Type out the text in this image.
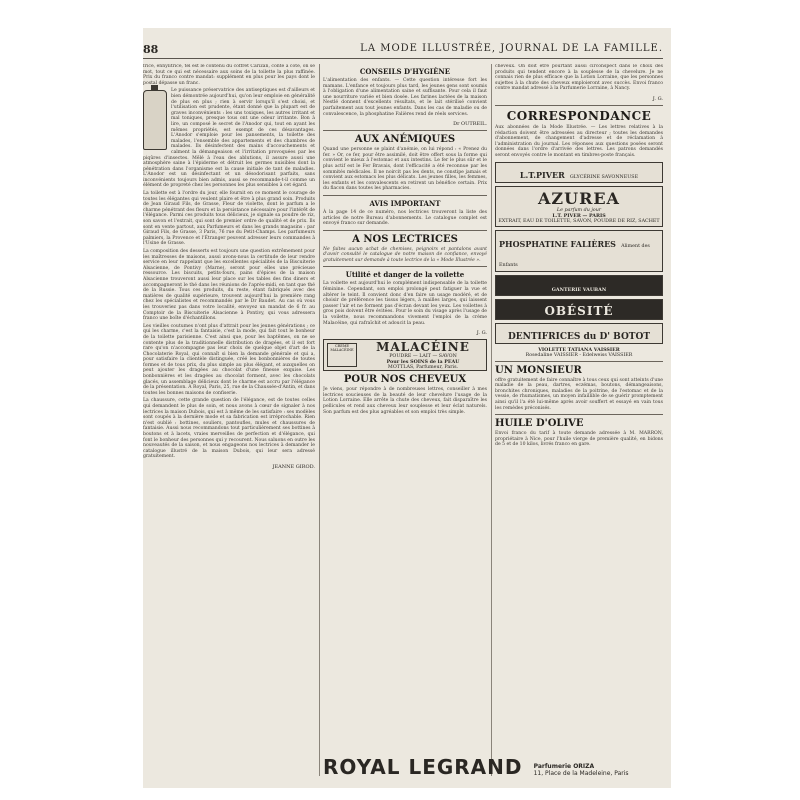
88	LA MODE ILLUSTRÉE, JOURNAL DE LA FAMILLE.

frice, ennylitrice, tel est le contenu du coffret Carizan, conte à côté, on se mot, tout ce qui est nécessaire aux soins de la toilette la plus raffinée. Prix du franco contre mandat: supplément en plus pour les pays dont le postal dépasse un franc.

Le puissance préservatrice des antiseptiques est d'ailleurs et bien démontrée aujourd'hui, qu'on leur emploie en généralité de plus en plus ; rien à servir lorsqu'il s'est choisi, et l'utilisation est prudente, étant donné que la plupart est de graves inconvénients : les uns toxiques, les autres irritant et mal toniques, presque tous ont une odeur irritante. Bon à lire, un composé le secret de l'Anodor qui, tout en ayant les mêmes propriétés, est exempt de ces désavantages. L'Anodor s'emploie pour les pansements, la toilette des malades, l'ensemble des appartements et des chambres de malades. Ils désinfectent des mains d'accouchements et calment la démangeaison et l'irritation provoquées par les piqûres d'insectes. Mêlé à l'eau des ablutions, il assure aussi une atmosphère saine à l'épiderme et détruit les germes nuisibles dont la pénétration dans l'organisme est la cause initiale de tant de maladies. L'Anodor est un désinfectant et un désodorisant parfaits, sans inconvénients toujours bien admis, aussi se recommande-t-il comme un élément de propreté chez les personnes les plus sensibles à cet égard.

La toilette est à l'ordre du jour, elle fournit en ce moment le courage de toutes les élégantes qui veulent plaire et être à plus grand soin. Produits de Jean Giraud Fils, de Grasse, Fleur de violette, dont le parfum a le charme pénétrant des fleurs et la persistance nécessaire pour l'intérêt de l'élégance. Parmi ces produits tous délicieux, je signale sa poudre de riz, son savon et l'extrait, qui sont de premier ordre de qualité et de prix. Ils sont en vente partout, aux Parfumeurs et dans les grands magasins : par Giraud Fils, de Grasse, 3 Paris, 76 rue du Petit-Champs. Les parfumeurs palmiers, la Provence et l'Étranger peuvent adresser leurs commandes à l'Usine de Grasse.

La composition des desserts est toujours une question extrêmement pour les maîtresses de maisons, aussi avons-nous la certitude de leur rendre service en leur rappelant que les excellentes spécialités de la Biscuiterie Alsacienne, de Pontivy (Marne), seront pour elles une précieuse ressource. Les biscuits, petits-fours, pains d'épices de la maison Alsacienne trouveront aussi leur place sur les tables des fins diners et accompagneront le thé dans les réunions de l'après-midi, en tant que thé de la Russie. Tous ces produits, du reste, étant fabriqués avec des matières de qualité supérieure, trouvent aujourd'hui la première rang chez les spécialistes et recommandés par le Dr Baudet. Au cas où vous les trouveriez pas dans votre localité, envoyez un mandat de 6 fr. au Comptoir de la Biscuiterie Alsacienne à Pontivy, qui vous adressera franco une boîte d'échantillons.

Les vieilles coutumes n'ont plus d'attrait pour les jeunes générations ; ce qui les charme, c'est la fantaisie, c'est la mode, qui fait tout le bonheur de la toilette parisienne. C'est ainsi que, pour les baptêmes, on ne se contente plus de la traditionnelle distribution de dragées, et il est fort rare qu'on n'accompagne pas leur choix de quelque objet d'art de la Chocolaterie Royal, qui connaît si bien la demande générale et qui a, pour satisfaire la clientèle distinguée, créé les bonbonnières de toutes formes et de tous prix, du plus simple au plus élégant, et auxquelles on peut ajouter les dragées au chocolat d'une finesse exquise. Les bonbonnières et les dragées au chocolat forment, avec les chocolats glacés, un assemblage délicieux dont le charme est accru par l'élégance de la présentation. À Royal, Paris, 25, rue de la Chaussée-d'Antin, et dans toutes les bonnes maisons de confiserie.

La chaussure, cette grande question de l'élégance, est de toutes celles qui demandent le plus de soin, et nous avons à cœur de signaler à nos lectrices la maison Dubois, qui est à même de les satisfaire : ses modèles sont coupés à la dernière mode et sa fabrication est irréprochable. Rien n'est oublié : bottines, souliers, pantoufles, mules et chaussures de fantaisie. Aussi nous recommandons tout particulièrement ses bottines à boutons et à lacets, vraies merveilles de perfection et d'élégance, qui font le bonheur des personnes qui y recourent. Nous saluons en outre les nouveautés de la saison, et nous engageons nos lectrices à demander le catalogue illustré de la maison Dubois, qui leur sera adressé gratuitement.

JEANNE GIROD.
CONSEILS D'HYGIÈNE

L'alimentation des enfants. — Cette question intéresse fort les mamans. L'enfance et toujours plus tard, les jeunes gens sont soumis à l'obligation d'une alimentation saine et suffisante. Pour cela il faut une nourriture variée et bien dosée. Les farines lactées de la maison Nestlé donnent d'excellents résultats, et le lait stérilisé convient parfaitement aux tout jeunes enfants. Dans les cas de maladie ou de convalescence, la phosphatine Falières rend de réels services.

Dr OUTREIL.
AUX ANÉMIQUES

Quand une personne se plaint d'anémie, on lui répond : « Prenez du fer. » Or, ce fer, pour être assimilé, doit être offert sous la forme qui convient le mieux à l'estomac et aux intestins. Le fer le plus sûr et le plus actif est le Fer Bravais, dont l'efficacité a été reconnue par les sommités médicales. Il ne noircit pas les dents, ne constipe jamais et convient aux estomacs les plus délicats. Les jeunes filles, les femmes, les enfants et les convalescents en retirent un bénéfice certain. Prix du flacon dans toutes les pharmacies.

AVIS IMPORTANT

À la page 14 de ce numéro, nos lectrices trouveront la liste des articles de notre Bureau d'abonnements. Le catalogue complet est envoyé franco sur demande.

A NOS LECTRICES

Ne faites aucun achat de chemises, peignoirs et pantalons avant d'avoir consulté le catalogue de notre maison de confiance, envoyé gratuitement sur demande à toute lectrice de la « Mode Illustrée ».

Utilité et danger de la voilette

La voilette est aujourd'hui le complément indispensable de la toilette féminine. Cependant, son emploi prolongé peut fatiguer la vue et altérer le teint. Il convient donc d'en faire un usage modéré, et de choisir de préférence les tissus légers, à mailles larges, qui laissent passer l'air et ne forment pas d'écran devant les yeux. Les voilettes à gros pois doivent être évitées. Pour le soin du visage après l'usage de la voilette, nous recommandons vivement l'emploi de la crème Malacéine, qui rafraîchit et adoucit la peau.

J. G.
CRÈME MALACÉINE	MALACÉINE
POUDRE — LAIT — SAVON
Pour les SOINS de la PEAU
MOTTLAS, Parfumeur, Paris.
POUR NOS CHEVEUX

Je viens, pour répondre à de nombreuses lettres, conseiller à mes lectrices soucieuses de la beauté de leur chevelure l'usage de la Lotion Lorraine. Elle arrête la chute des cheveux, fait disparaître les pellicules et rend aux cheveux leur souplesse et leur éclat naturels. Son parfum est des plus agréables et son emploi très simple.

cheveux. On doit être pourtant aussi circonspect dans le choix des produits qui tendent encore à la souplesse de la chevelure. Je ne connais rien de plus efficace que la Lotion Lorraine, que les personnes sujettes à la chute des cheveux emploieront avec succès. Envoi franco contre mandat adressé à la Parfumerie Lorraine, à Nancy.

J. G.
CORRESPONDANCE

Aux abonnées de la Mode Illustrée. — Les lettres relatives à la rédaction doivent être adressées au directeur ; toutes les demandes d'abonnement, de changement d'adresse et de réclamation à l'administration du journal. Les réponses aux questions posées seront données dans l'ordre d'arrivée des lettres. Les patrons demandés seront envoyés contre le montant en timbres-poste français.

L.T.PIVER GLYCÉRINE SAVONNEUSE
AZUREA
Le parfum du jour
L.T. PIVER — PARIS
EXTRAIT, EAU DE TOILETTE, SAVON, POUDRE DE RIZ, SACHET
PHOSPHATINE FALIÈRES Aliment des Enfants
GANTERIE VAUBAN
OBÉSITÉ
DENTIFRICES du D' BOTOT
VIOLETTE TATIANA VAISSIER
Rosedaline VAISSIER - Edelweiss VAISSIER
UN MONSIEUR

offre gratuitement de faire connaître à tous ceux qui sont atteints d'une maladie de la peau, dartres, eczémas, boutons, démangeaisons, bronchites chroniques, maladies de la poitrine, de l'estomac et de la vessie, de rhumatismes, un moyen infaillible de se guérir promptement ainsi qu'il l'a été lui-même après avoir souffert et essayé en vain tous les remèdes préconisés.

HUILE D'OLIVE

Envoi franco du tarif à toute demande adressée à M. MARRON, propriétaire à Nice, pour l'huile vierge de première qualité, en bidons de 5 et de 10 kilos, livrés franco en gare.

ROYAL LEGRAND Parfumerie ORIZA
11, Place de la Madeleine, Paris
